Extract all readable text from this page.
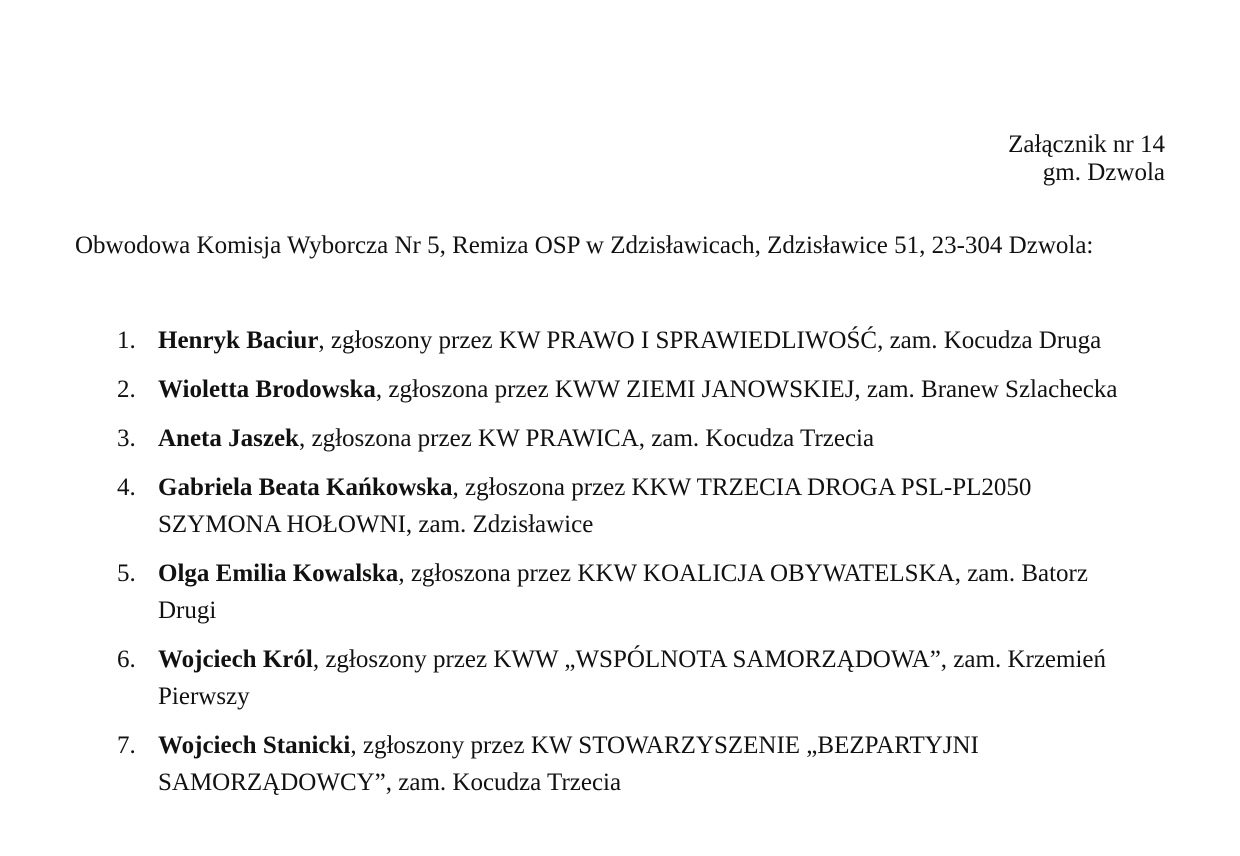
Załącznik nr 14
gm. Dzwola
Obwodowa Komisja Wyborcza Nr 5, Remiza OSP w Zdzisławicach, Zdzisławice 51, 23-304 Dzwola:
1. Henryk Baciur, zgłoszony przez KW PRAWO I SPRAWIEDLIWOŚĆ, zam. Kocudza Druga
2. Wioletta Brodowska, zgłoszona przez KWW ZIEMI JANOWSKIEJ, zam. Branew Szlachecka
3. Aneta Jaszek, zgłoszona przez KW PRAWICA, zam. Kocudza Trzecia
4. Gabriela Beata Kańkowska, zgłoszona przez KKW TRZECIA DROGA PSL-PL2050 SZYMONA HOŁOWNI, zam. Zdzisławice
5. Olga Emilia Kowalska, zgłoszona przez KKW KOALICJA OBYWATELSKA, zam. Batorz Drugi
6. Wojciech Król, zgłoszony przez KWW „WSPÓLNOTA SAMORZĄDOWA”, zam. Krzemień Pierwszy
7. Wojciech Stanicki, zgłoszony przez KW STOWARZYSZENIE „BEZPARTYJNI SAMORZĄDOWCY”, zam. Kocudza Trzecia
